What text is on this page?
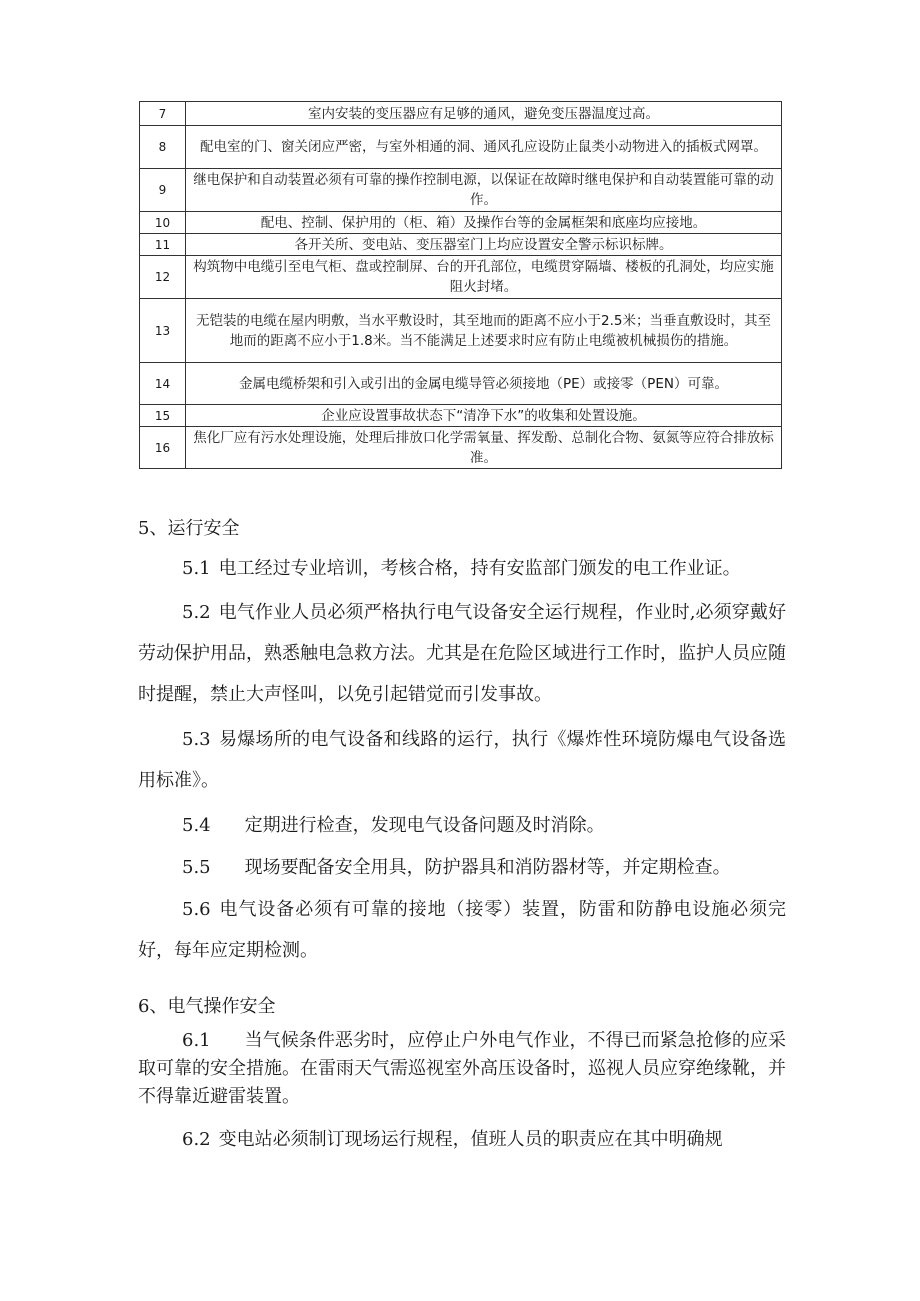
7	室内安装的变压器应有足够的通风，避免变压器温度过高。
8	配电室的门、窗关闭应严密，与室外相通的洞、通风孔应设防止鼠类小动物进入的插板式网罩。
9	继电保护和自动装置必须有可靠的操作控制电源，以保证在故障时继电保护和自动装置能可靠的动作。
10	配电、控制、保护用的（柜、箱）及操作台等的金属框架和底座均应接地。
11	各开关所、变电站、变压器室门上均应设置安全警示标识标牌。
12	构筑物中电缆引至电气柜、盘或控制屏、台的开孔部位，电缆贯穿隔墙、楼板的孔洞处，均应实施阻火封堵。
13	无铠装的电缆在屋内明敷，当水平敷设时，其至地而的距离不应小于2.5米；当垂直敷设时，其至地而的距离不应小于1.8米。当不能满足上述要求时应有防止电缆被机械损伤的措施。
14	金属电缆桥架和引入或引出的金属电缆导管必须接地（PE）或接零（PEN）可靠。
15	企业应设置事故状态下“清净下水”的收集和处置设施。
16	焦化厂应有污水处理设施，处理后排放口化学需氧量、挥发酚、总制化合物、氨氮等应符合排放标准。
5、运行安全
5.1 电工经过专业培训，考核合格，持有安监部门颁发的电工作业证。
5.2 电气作业人员必须严格执行电气设备安全运行规程，作业时,必须穿戴好劳动保护用品，熟悉触电急救方法。尤其是在危险区域进行工作时，监护人员应随时提醒，禁止大声怪叫，以免引起错觉而引发事故。
5.3 易爆场所的电气设备和线路的运行，执行《爆炸性环境防爆电气设备选用标准》。
5.4 定期进行检查，发现电气设备问题及时消除。
5.5 现场要配备安全用具，防护器具和消防器材等，并定期检查。
5.6 电气设备必须有可靠的接地（接零）装置，防雷和防静电设施必须完好，每年应定期检测。
6、电气操作安全
6.1 当气候条件恶劣时，应停止户外电气作业，不得已而紧急抢修的应采取可靠的安全措施。在雷雨天气需巡视室外高压设备时，巡视人员应穿绝缘靴，并不得靠近避雷装置。
6.2 变电站必须制订现场运行规程，值班人员的职责应在其中明确规
